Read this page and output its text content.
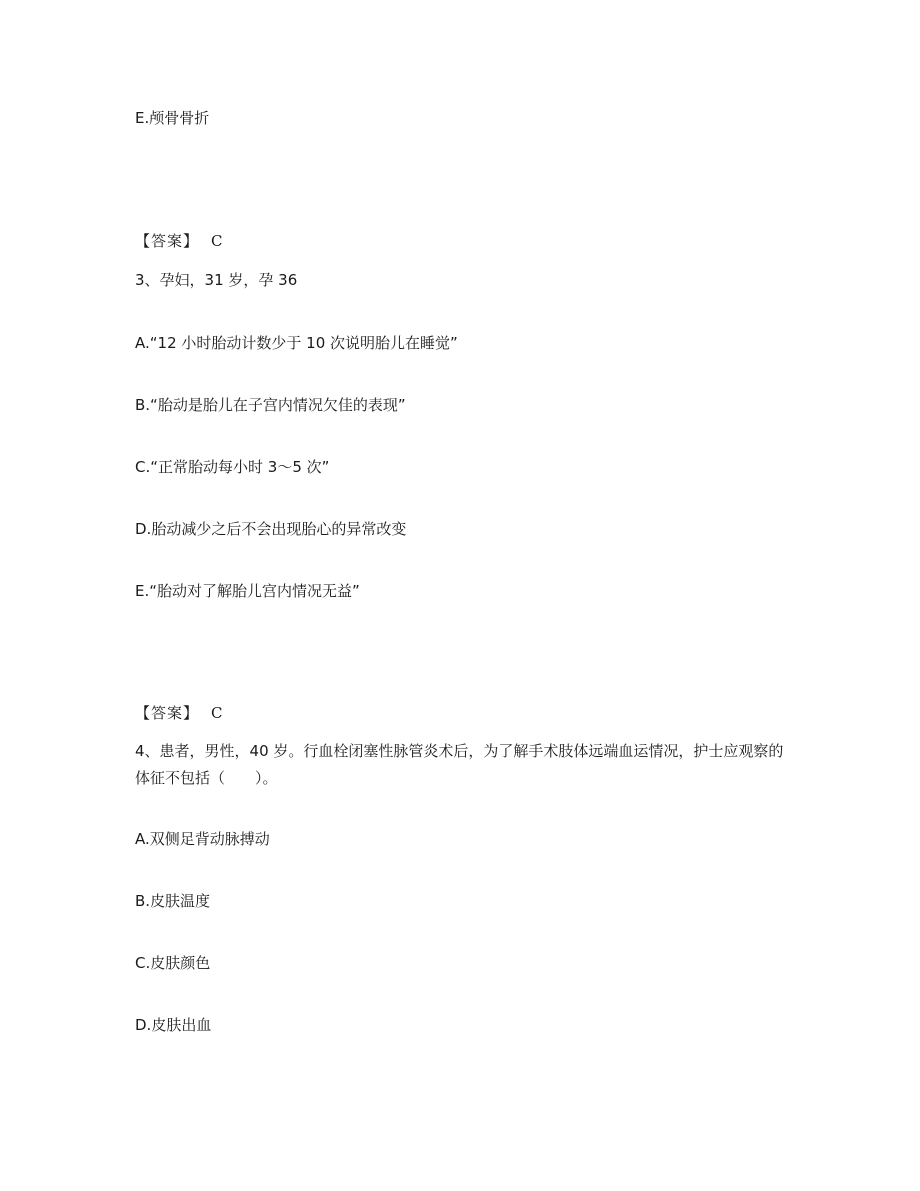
E.颅骨骨折
【答案】 C
3、孕妇，31 岁，孕 36
A.“12 小时胎动计数少于 10 次说明胎儿在睡觉”
B.“胎动是胎儿在子宫内情况欠佳的表现”
C.“正常胎动每小时 3～5 次”
D.胎动减少之后不会出现胎心的异常改变
E.“胎动对了解胎儿宫内情况无益”
【答案】 C
4、患者，男性，40 岁。行血栓闭塞性脉管炎术后，为了解手术肢体远端血运情况，护士应观察的体征不包括（　　）。
A.双侧足背动脉搏动
B.皮肤温度
C.皮肤颜色
D.皮肤出血
